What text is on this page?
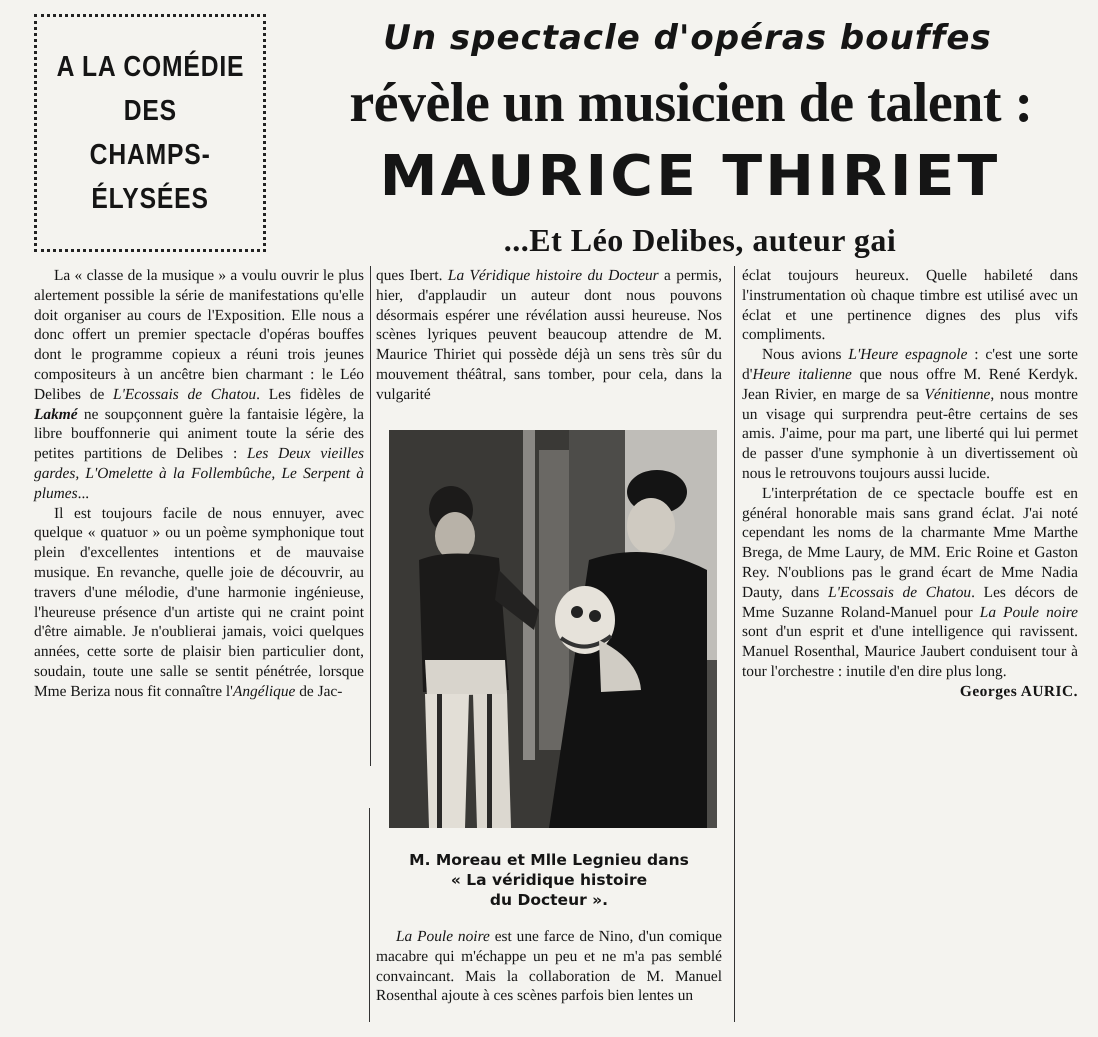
A LA COMÉDIE
DES
CHAMPS-
ÉLYSÉES
Un spectacle d'opéras bouffes
révèle un musicien de talent :
MAURICE THIRIET
...Et Léo Delibes, auteur gai

La « classe de la musique » a voulu ouvrir le plus alertement possible la série de manifestations qu'elle doit organiser au cours de l'Exposition. Elle nous a donc offert un premier spectacle d'opéras bouffes dont le programme copieux a réuni trois jeunes compositeurs à un ancêtre bien charmant : le Léo Delibes de L'Ecossais de Chatou. Les fidèles de Lakmé ne soupçonnent guère la fantaisie légère, la libre bouffonnerie qui animent toute la série des petites partitions de Delibes : Les Deux vieilles gardes, L'Omelette à la Follembûche, Le Serpent à plumes...

Il est toujours facile de nous ennuyer, avec quelque « quatuor » ou un poème symphonique tout plein d'excellentes intentions et de mauvaise musique. En revanche, quelle joie de découvrir, au travers d'une mélodie, d'une harmonie ingénieuse, l'heureuse présence d'un artiste qui ne craint point d'être aimable. Je n'oublierai jamais, voici quelques années, cette sorte de plaisir bien particulier dont, soudain, toute une salle se sentit pénétrée, lorsque Mme Beriza nous fit connaître l'Angélique de Jac-

ques Ibert. La Véridique histoire du Docteur a permis, hier, d'applaudir un auteur dont nous pouvons désormais espérer une révélation aussi heureuse. Nos scènes lyriques peuvent beaucoup attendre de M. Maurice Thiriet qui possède déjà un sens très sûr du mouvement théâtral, sans tomber, pour cela, dans la vulgarité

M. Moreau et Mlle Legnieu dans
« La véridique histoire
du Docteur ».

La Poule noire est une farce de Nino, d'un comique macabre qui m'échappe un peu et ne m'a pas semblé convaincant. Mais la collaboration de M. Manuel Rosenthal ajoute à ces scènes parfois bien lentes un

éclat toujours heureux. Quelle habileté dans l'instrumentation où chaque timbre est utilisé avec un éclat et une pertinence dignes des plus vifs compliments.

Nous avions L'Heure espagnole : c'est une sorte d'Heure italienne que nous offre M. René Kerdyk. Jean Rivier, en marge de sa Vénitienne, nous montre un visage qui surprendra peut-être certains de ses amis. J'aime, pour ma part, une liberté qui lui permet de passer d'une symphonie à un divertissement où nous le retrouvons toujours aussi lucide.

L'interprétation de ce spectacle bouffe est en général honorable mais sans grand éclat. J'ai noté cependant les noms de la charmante Mme Marthe Brega, de Mme Laury, de MM. Eric Roine et Gaston Rey. N'oublions pas le grand écart de Mme Nadia Dauty, dans L'Ecossais de Chatou. Les décors de Mme Suzanne Roland-Manuel pour La Poule noire sont d'un esprit et d'une intelligence qui ravissent. Manuel Rosenthal, Maurice Jaubert conduisent tour à tour l'orchestre : inutile d'en dire plus long.

Georges AURIC.
